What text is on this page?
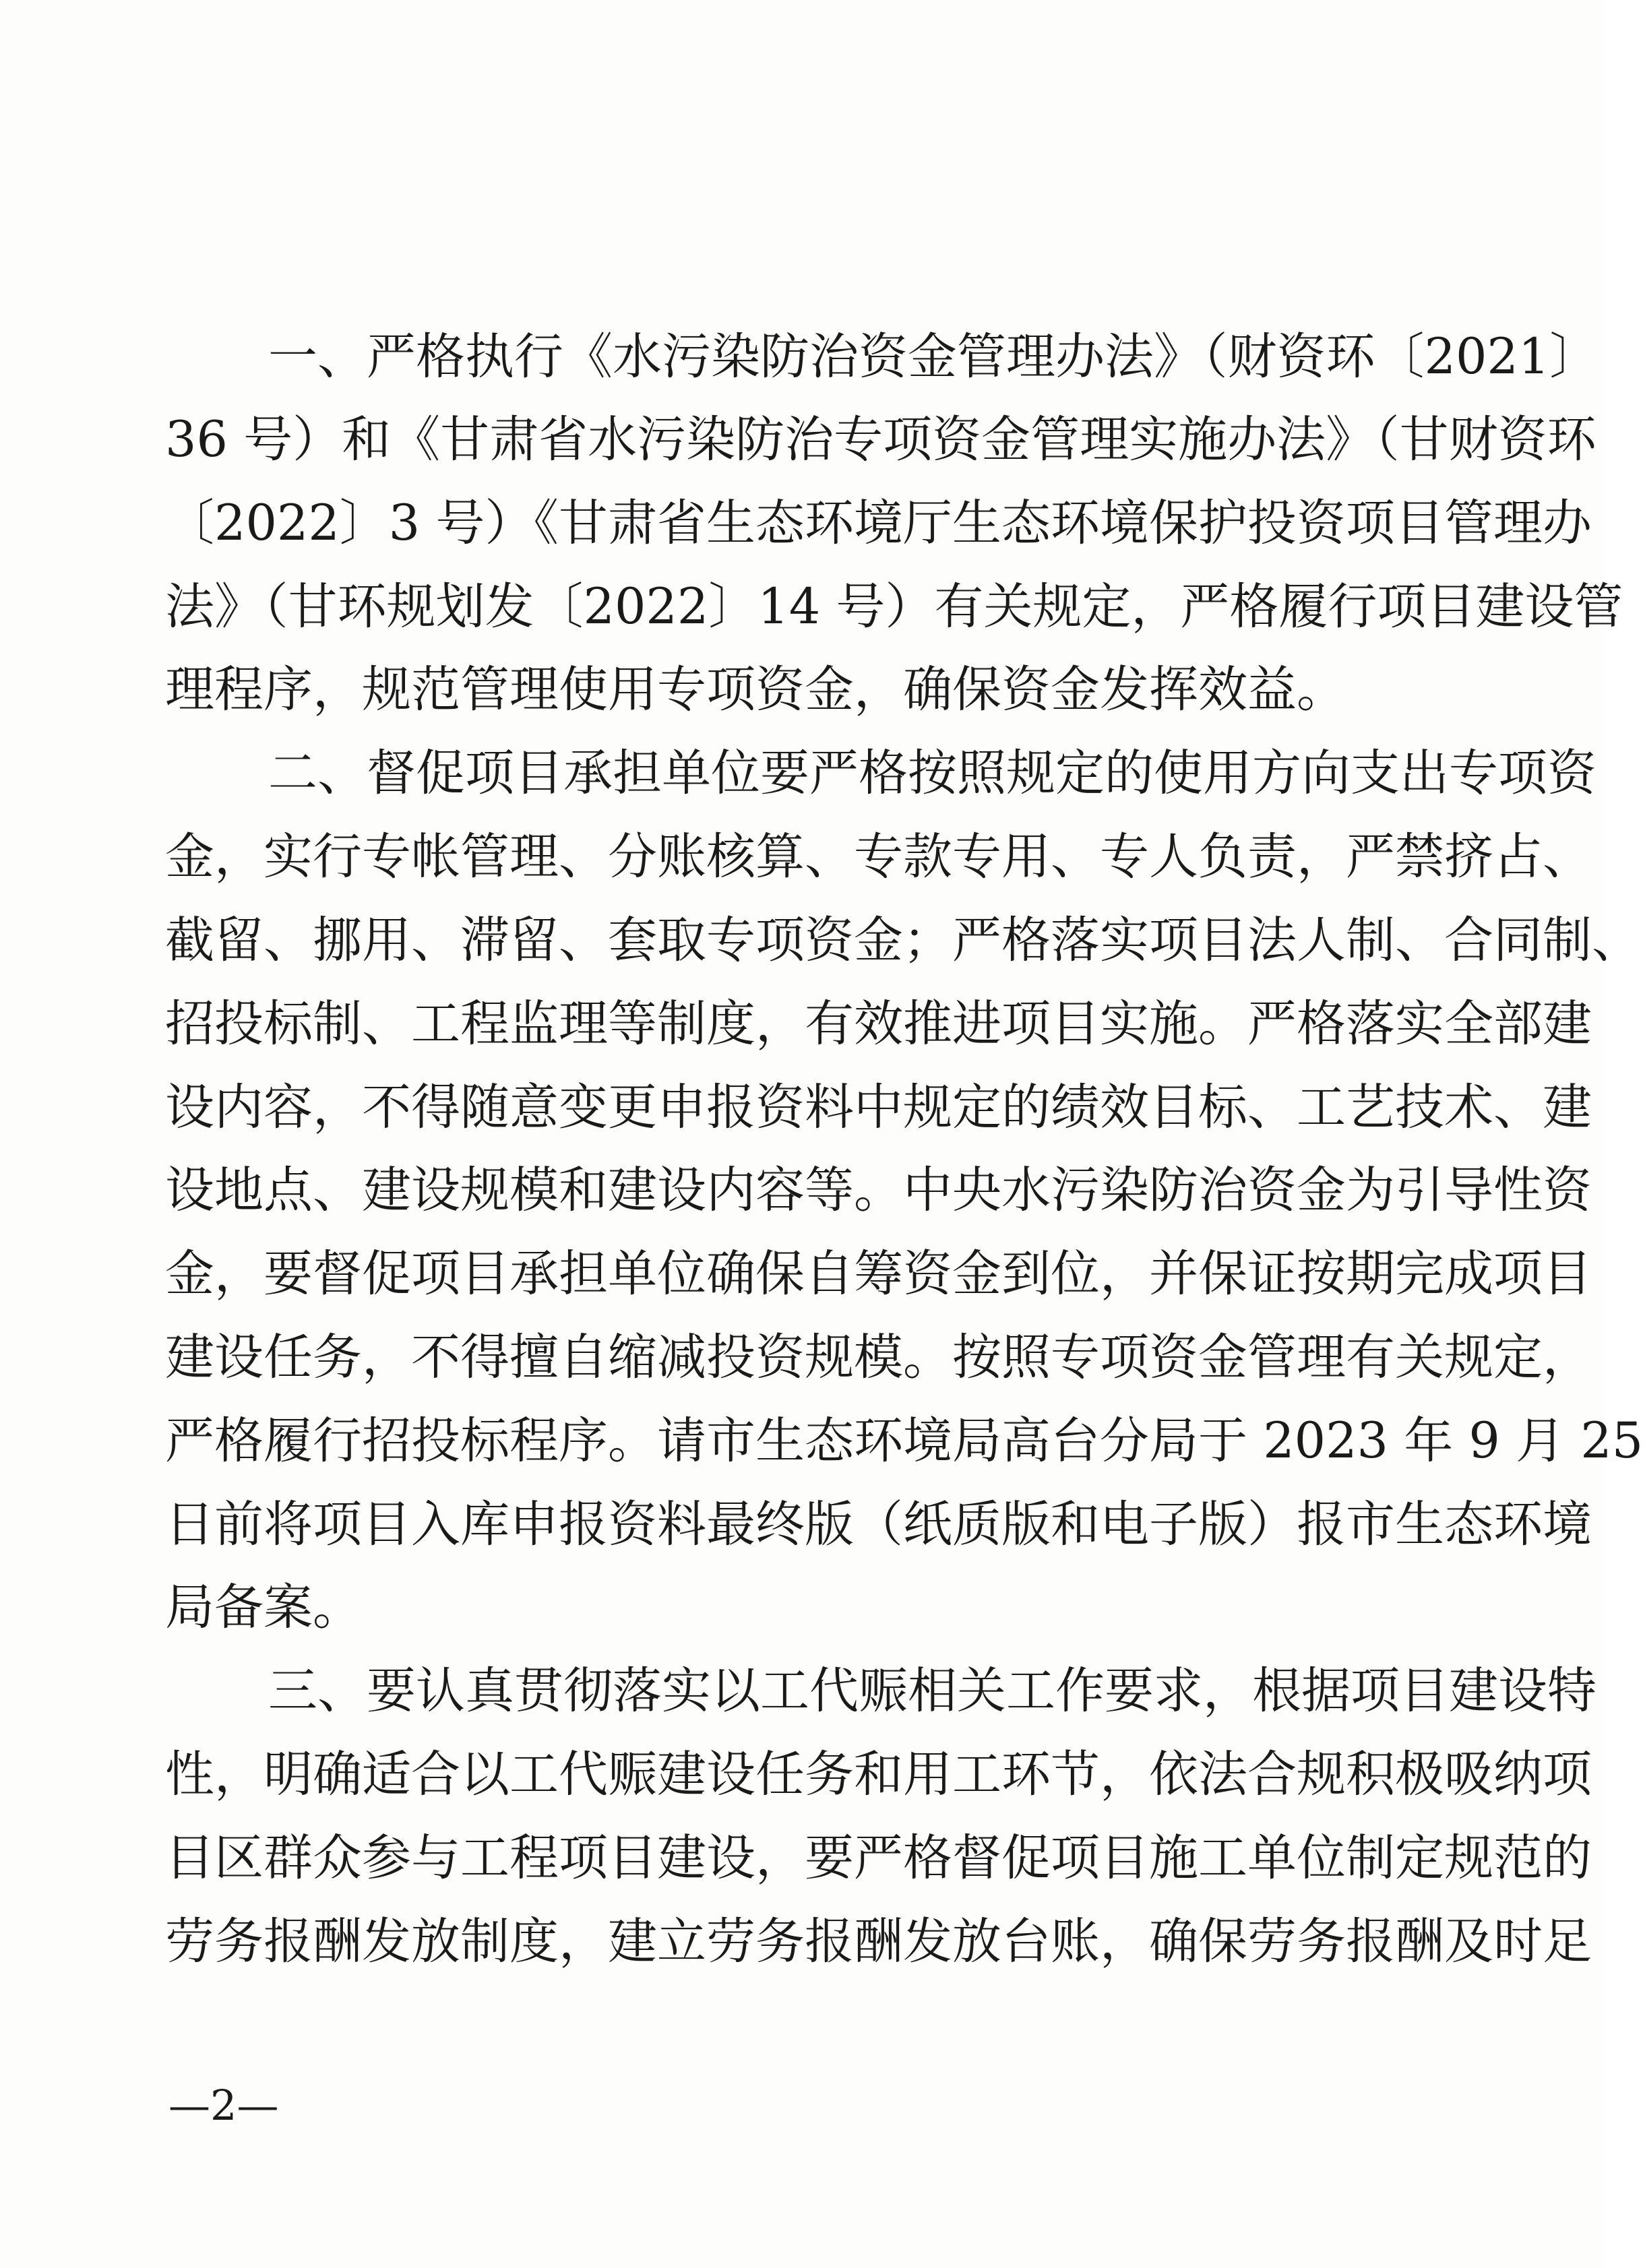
一、严格执行《水污染防治资金管理办法》（财资环〔2021〕
36 号）和《甘肃省水污染防治专项资金管理实施办法》（甘财资环
〔2022〕3 号）《甘肃省生态环境厅生态环境保护投资项目管理办
法》（甘环规划发〔2022〕14 号）有关规定，严格履行项目建设管
理程序，规范管理使用专项资金，确保资金发挥效益。
二、督促项目承担单位要严格按照规定的使用方向支出专项资
金，实行专帐管理、分账核算、专款专用、专人负责，严禁挤占、
截留、挪用、滞留、套取专项资金；严格落实项目法人制、合同制、
招投标制、工程监理等制度，有效推进项目实施。严格落实全部建
设内容，不得随意变更申报资料中规定的绩效目标、工艺技术、建
设地点、建设规模和建设内容等。中央水污染防治资金为引导性资
金，要督促项目承担单位确保自筹资金到位，并保证按期完成项目
建设任务，不得擅自缩减投资规模。按照专项资金管理有关规定，
严格履行招投标程序。请市生态环境局高台分局于 2023 年 9 月 25
日前将项目入库申报资料最终版（纸质版和电子版）报市生态环境
局备案。
三、要认真贯彻落实以工代赈相关工作要求，根据项目建设特
性，明确适合以工代赈建设任务和用工环节，依法合规积极吸纳项
目区群众参与工程项目建设，要严格督促项目施工单位制定规范的
劳务报酬发放制度，建立劳务报酬发放台账，确保劳务报酬及时足
—2—
